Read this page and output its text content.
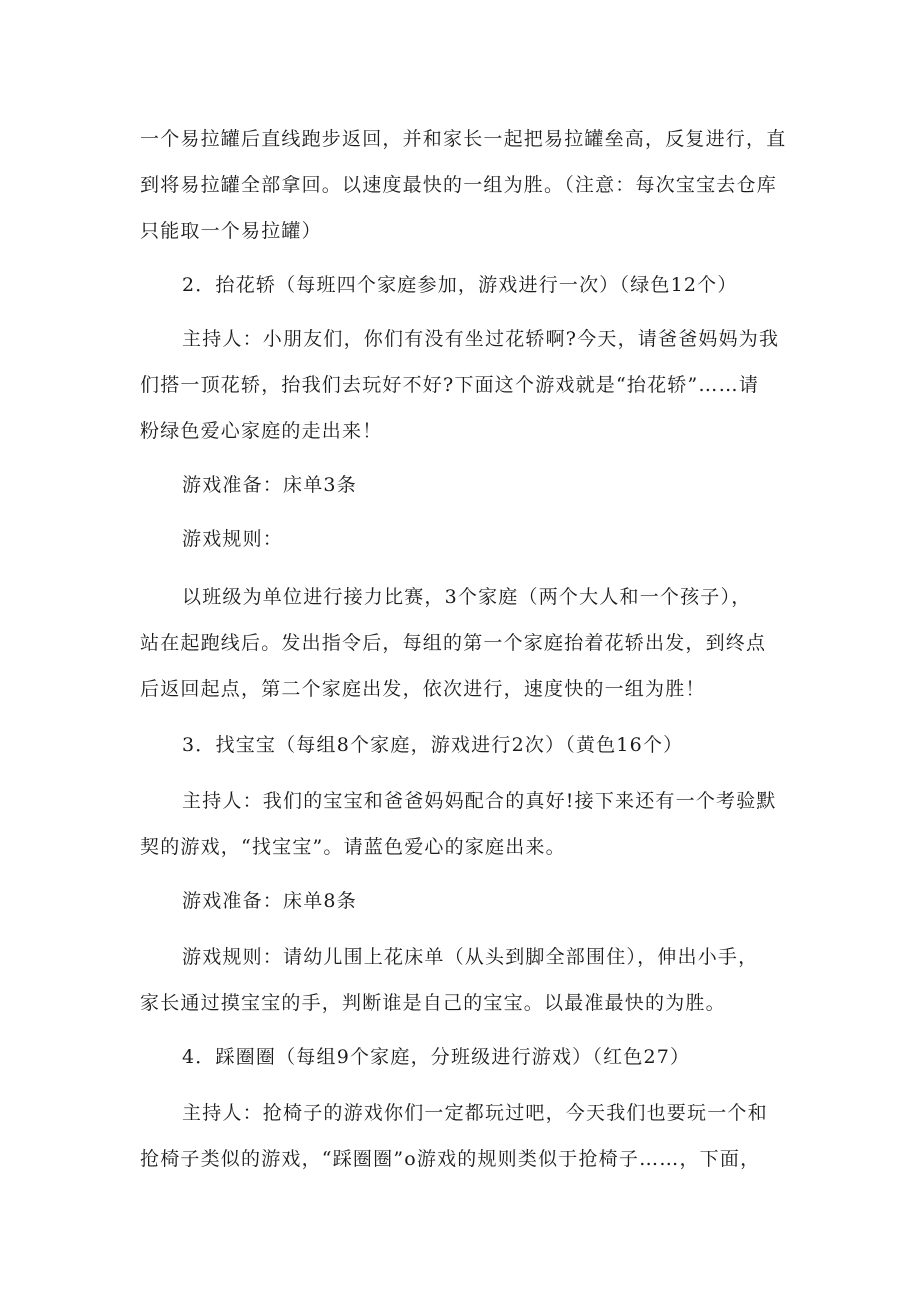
一个易拉罐后直线跑步返回，并和家长一起把易拉罐垒高，反复进行，直
到将易拉罐全部拿回。以速度最快的一组为胜。（注意：每次宝宝去仓库
只能取一个易拉罐）

2．抬花轿（每班四个家庭参加，游戏进行一次）（绿色12个）

主持人：小朋友们，你们有没有坐过花轿啊?今天，请爸爸妈妈为我
们搭一顶花轿，抬我们去玩好不好?下面这个游戏就是“抬花轿”……请
粉绿色爱心家庭的走出来！

游戏准备：床单3条

游戏规则：

以班级为单位进行接力比赛，3个家庭（两个大人和一个孩子），
站在起跑线后。发出指令后，每组的第一个家庭抬着花轿出发，到终点
后返回起点，第二个家庭出发，依次进行，速度快的一组为胜！

3．找宝宝（每组8个家庭，游戏进行2次）（黄色16个）

主持人：我们的宝宝和爸爸妈妈配合的真好!接下来还有一个考验默
契的游戏，“找宝宝”。请蓝色爱心的家庭出来。

游戏准备：床单8条

游戏规则：请幼儿围上花床单（从头到脚全部围住），伸出小手，
家长通过摸宝宝的手，判断谁是自己的宝宝。以最准最快的为胜。

4．踩圈圈（每组9个家庭，分班级进行游戏）（红色27）

主持人：抢椅子的游戏你们一定都玩过吧，今天我们也要玩一个和
抢椅子类似的游戏，“踩圈圈”o游戏的规则类似于抢椅子……，下面，
